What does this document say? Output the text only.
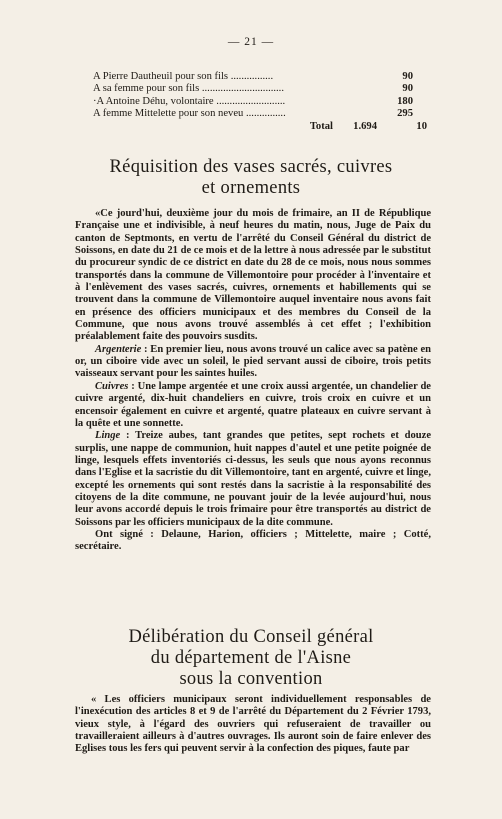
— 21 —
A Pierre Dautheuil pour son fils ................	90
A sa femme pour son fils ...............................	90
·A Antoine Déhu, volontaire ..........................	180
A femme Mittelette pour son neveu ...............	295
Total 1.694	10
Réquisition des vases sacrés, cuivres
et ornements

«Ce jourd'hui, deuxième jour du mois de frimaire, an II de République Française une et indivisible, à neuf heures du matin, nous, Juge de Paix du canton de Septmonts, en vertu de l'arrêté du Conseil Général du district de Soissons, en date du 21 de ce mois et de la lettre à nous adressée par le substitut du procureur syndic de ce district en date du 28 de ce mois, nous nous sommes transportés dans la commune de Villemontoire pour procéder à l'inventaire et à l'enlèvement des vases sacrés, cuivres, ornements et habillements qui se trouvent dans la commune de Villemontoire auquel inventaire nous avons fait en présence des officiers municipaux et des membres du Conseil de la Commune, que nous avons trouvé assemblés à cet effet ; l'exhibition préalablement faite des pouvoirs susdits.

Argenterie : En premier lieu, nous avons trouvé un calice avec sa patène en or, un ciboire vide avec un soleil, le pied servant aussi de ciboire, trois petits vaisseaux servant pour les saintes huiles.

Cuivres : Une lampe argentée et une croix aussi argentée, un chandelier de cuivre argenté, dix-huit chandeliers en cuivre, trois croix en cuivre et un encensoir également en cuivre et argenté, quatre plateaux en cuivre servant à la quête et une sonnette.

Linge : Treize aubes, tant grandes que petites, sept rochets et douze surplis, une nappe de communion, huit nappes d'autel et une petite poignée de linge, lesquels effets inventoriés ci-dessus, les seuls que nous ayons reconnus dans l'Eglise et la sacristie du dit Villemontoire, tant en argenté, cuivre et linge, excepté les ornements qui sont restés dans la sacristie à la responsabilité des citoyens de la dite commune, ne pouvant jouir de la levée aujourd'hui, nous leur avons accordé depuis le trois frimaire pour être transportés au district de Soissons par les officiers municipaux de la dite commune.

Ont signé : Delaune, Harion, officiers ; Mittelette, maire ; Cotté, secrétaire.

Délibération du Conseil général
du département de l'Aisne
sous la convention

« Les officiers municipaux seront individuellement responsables de l'inexécution des articles 8 et 9 de l'arrêté du Département du 2 Février 1793, vieux style, à l'égard des ouvriers qui refuseraient de travailler ou travailleraient ailleurs à d'autres ouvrages. Ils auront soin de faire enlever des Eglises tous les fers qui peuvent servir à la confection des piques, faute par
